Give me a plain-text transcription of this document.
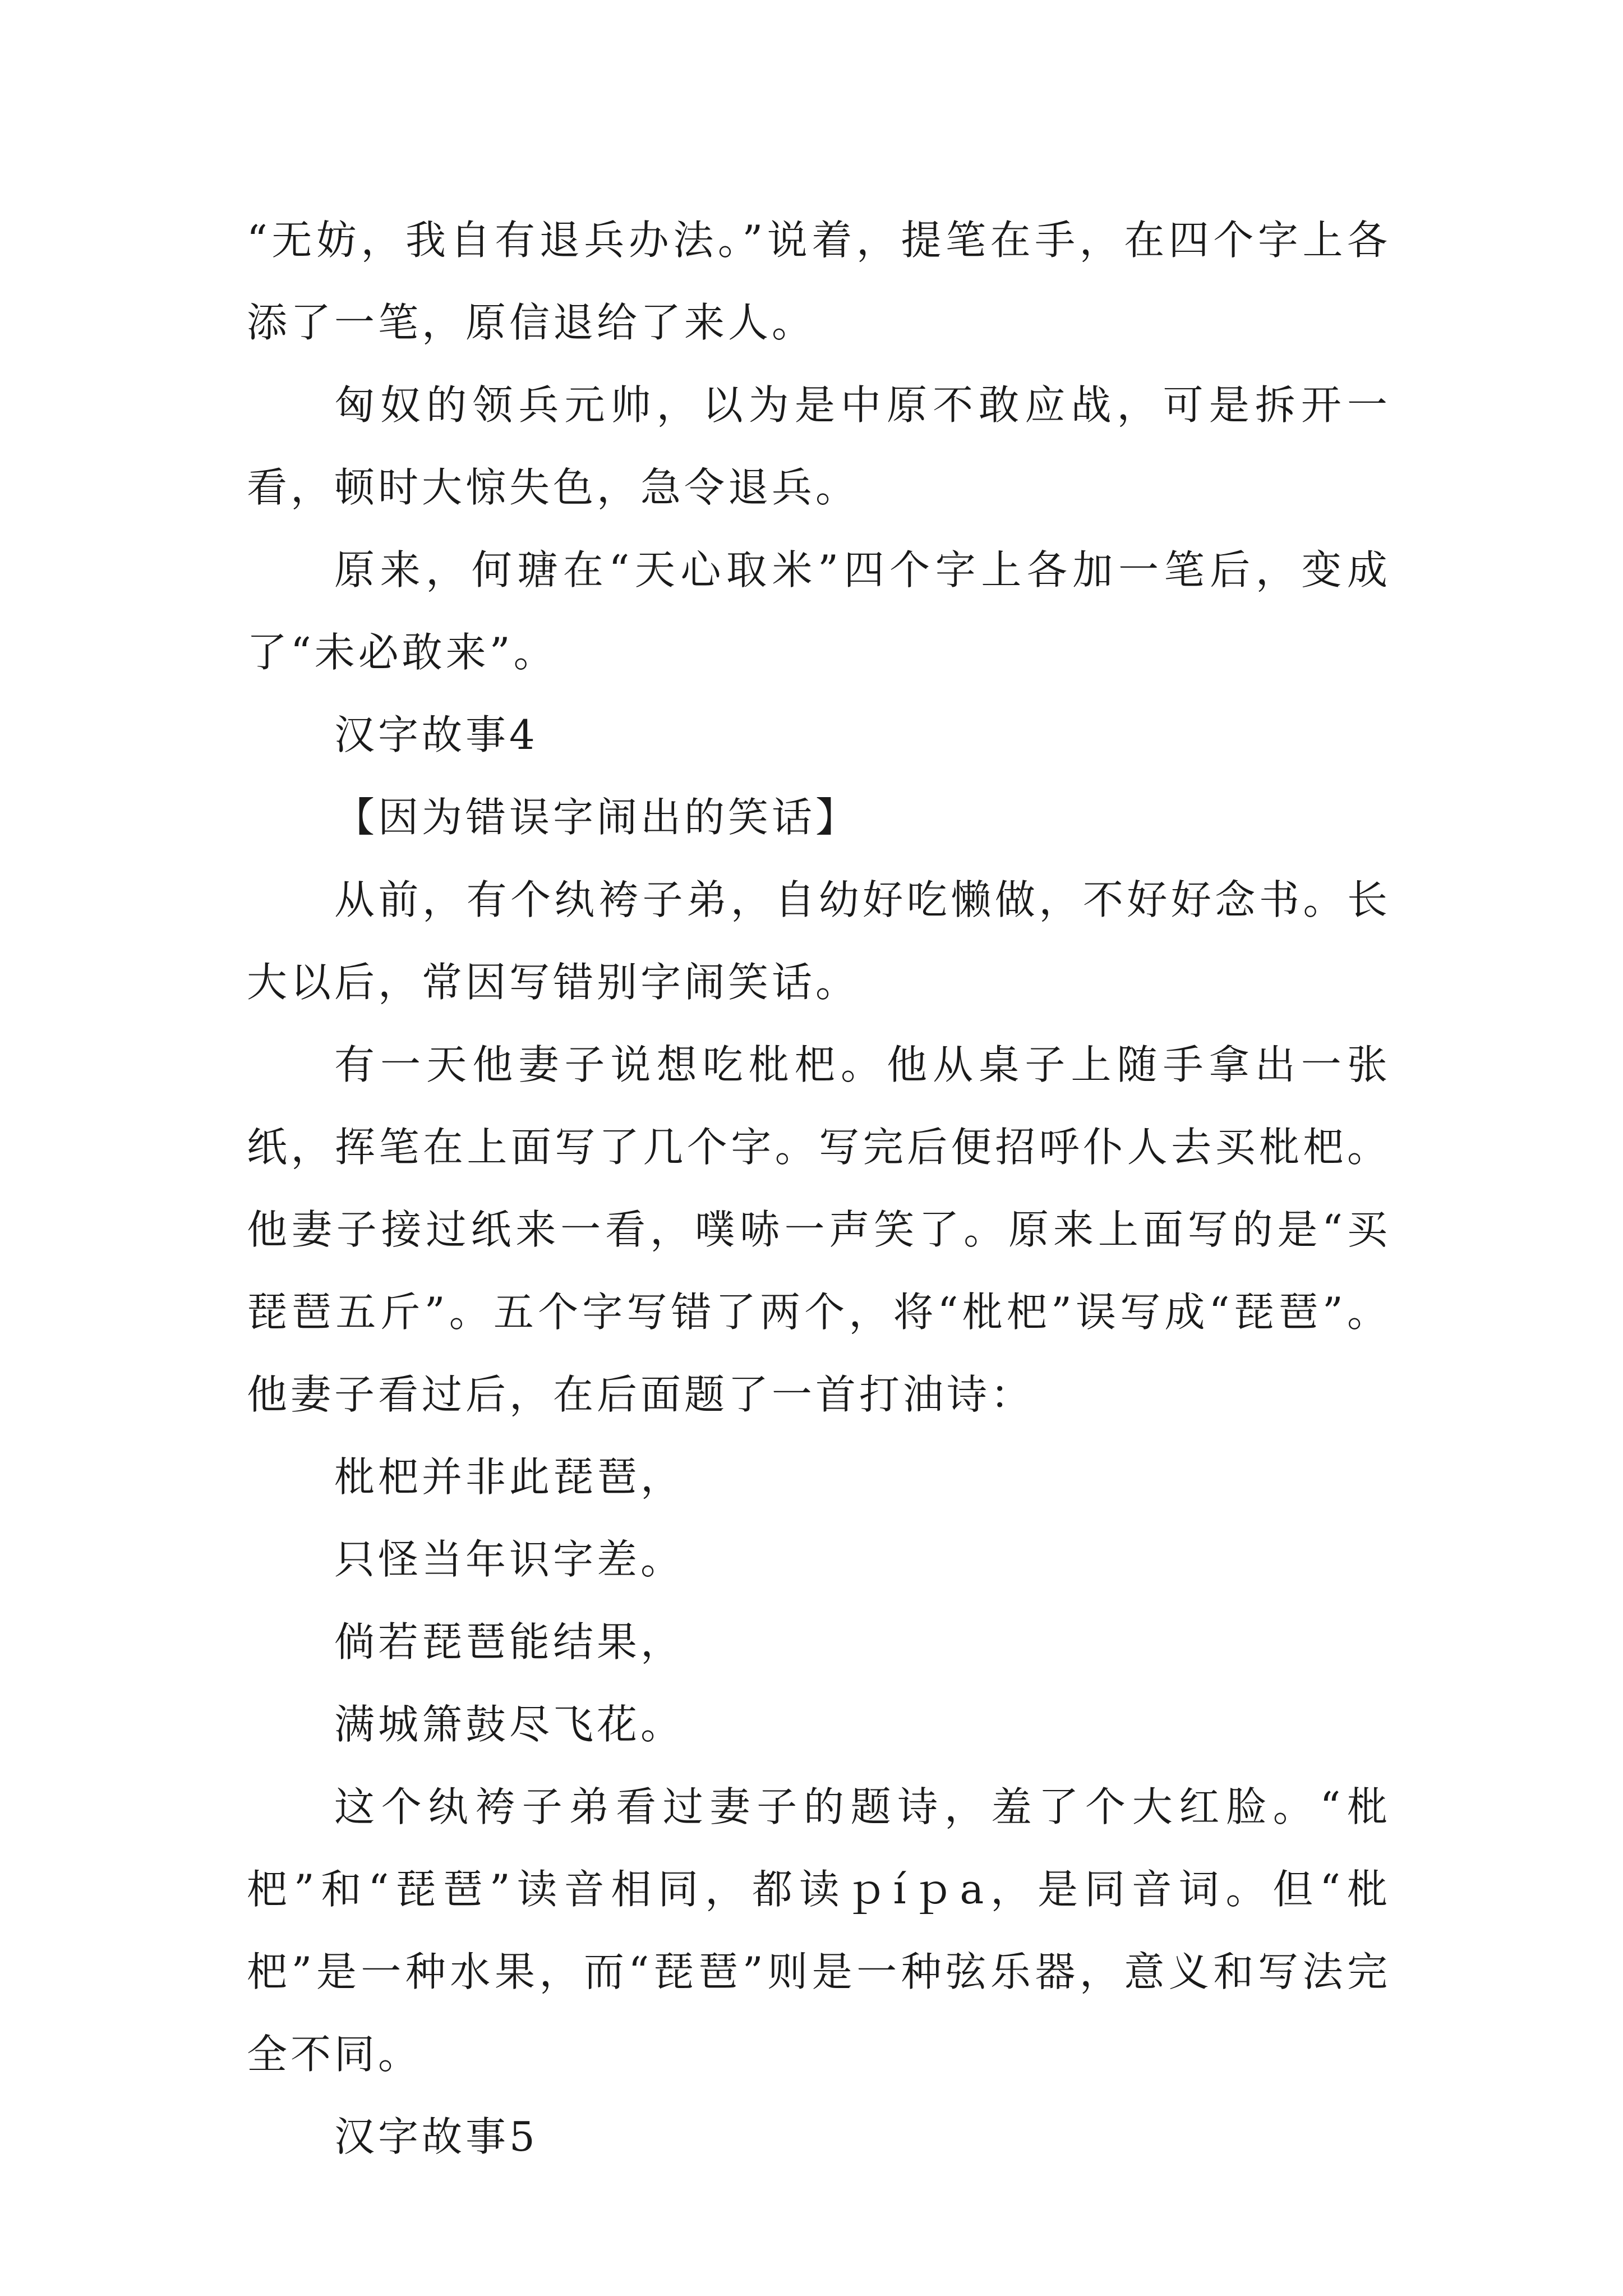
“无妨，我自有退兵办法。”说着，提笔在手，在四个字上各添了一笔，原信退给了来人。

匈奴的领兵元帅，以为是中原不敢应战，可是拆开一看，顿时大惊失色，急令退兵。

原来，何瑭在“天心取米”四个字上各加一笔后，变成了“未必敢来”。

汉字故事4

【因为错误字闹出的笑话】

从前，有个纨袴子弟，自幼好吃懒做，不好好念书。长大以后，常因写错别字闹笑话。

有一天他妻子说想吃枇杷。他从桌子上随手拿出一张纸，挥笔在上面写了几个字。写完后便招呼仆人去买枇杷。他妻子接过纸来一看，噗哧一声笑了。原来上面写的是“买琵琶五斤”。五个字写错了两个，将“枇杷”误写成“琵琶”。他妻子看过后，在后面题了一首打油诗：

枇杷并非此琵琶，

只怪当年识字差。

倘若琵琶能结果，

满城箫鼓尽飞花。

这个纨袴子弟看过妻子的题诗，羞了个大红脸。“枇杷”和“琵琶”读音相同，都读ｐíｐa，是同音词。但“枇杷”是一种水果，而“琵琶”则是一种弦乐器，意义和写法完全不同。

汉字故事5
